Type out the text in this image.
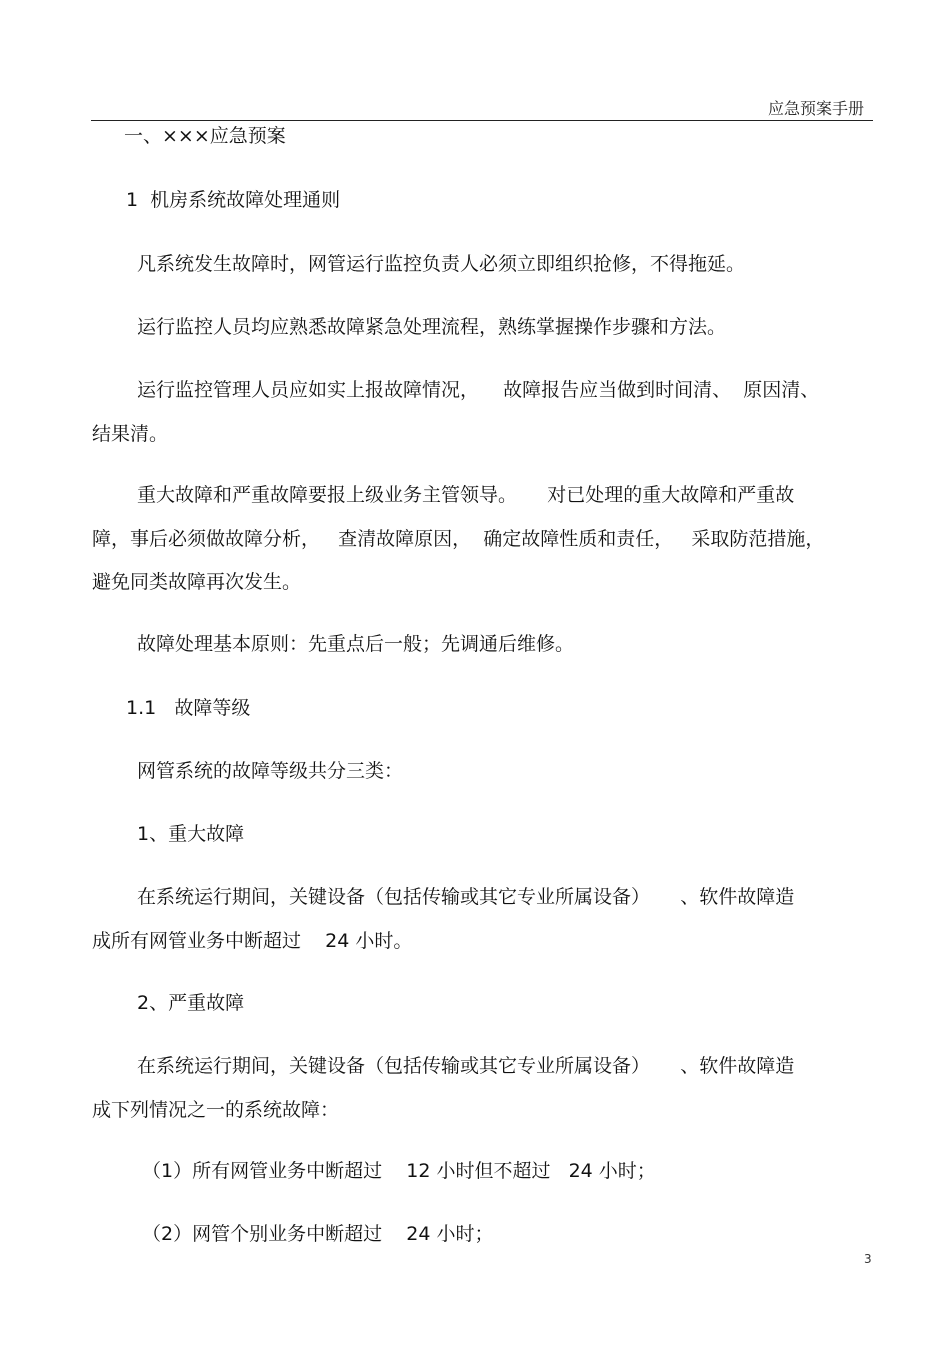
应急预案手册
一、×××应急预案
1  机房系统故障处理通则
凡系统发生故障时，网管运行监控负责人必须立即组织抢修，不得拖延。
运行监控人员均应熟悉故障紧急处理流程，熟练掌握操作步骤和方法。
运行监控管理人员应如实上报故障情况，    故障报告应当做到时间清、  原因清、
结果清。
重大故障和严重故障要报上级业务主管领导。     对已处理的重大故障和严重故
障，事后必须做故障分析，   查清故障原因，  确定故障性质和责任，   采取防范措施，
避免同类故障再次发生。
故障处理基本原则：先重点后一般；先调通后维修。
1.1   故障等级
网管系统的故障等级共分三类：
1、重大故障
在系统运行期间，关键设备（包括传输或其它专业所属设备）     、软件故障造
成所有网管业务中断超过    24 小时。
2、严重故障
在系统运行期间，关键设备（包括传输或其它专业所属设备）     、软件故障造
成下列情况之一的系统故障：
（1）所有网管业务中断超过    12 小时但不超过   24 小时；
（2）网管个别业务中断超过    24 小时；
3
